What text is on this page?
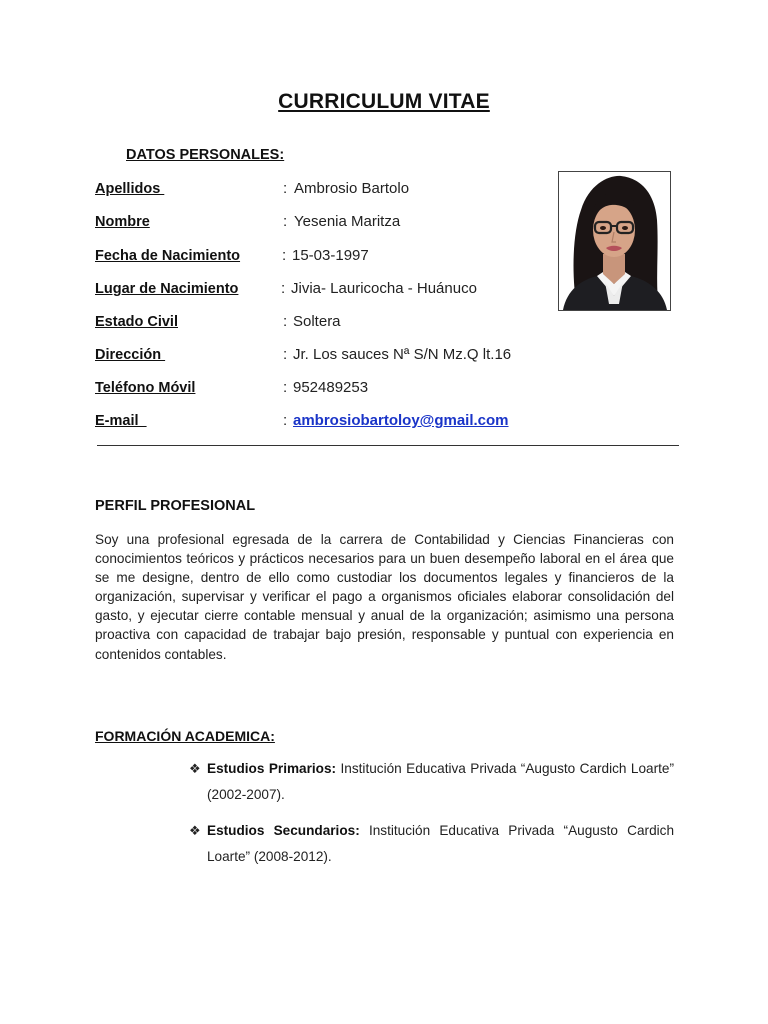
CURRICULUM VITAE
DATOS PERSONALES:
Apellidos	: Ambrosio Bartolo
Nombre	: Yesenia Maritza
Fecha de Nacimiento	: 15-03-1997
Lugar de Nacimiento	: Jivia- Lauricocha - Huánuco
Estado Civil	: Soltera
Dirección	: Jr. Los sauces Nª S/N Mz.Q lt.16
Teléfono Móvil	: 952489253
E-mail	: ambrosiobartoloy@gmail.com
PERFIL PROFESIONAL
Soy una profesional egresada de la carrera de Contabilidad y Ciencias Financieras con conocimientos teóricos y prácticos necesarios para un buen desempeño laboral en el área que se me designe, dentro de ello como custodiar los documentos legales y financieros de la organización, supervisar y verificar el pago a organismos oficiales elaborar consolidación del gasto, y ejecutar cierre contable mensual y anual de la organización; asimismo una persona proactiva con capacidad de trabajar bajo presión, responsable y puntual con experiencia en contenidos contables.
FORMACIÓN ACADEMICA:
❖ Estudios Primarios: Institución Educativa Privada “Augusto Cardich Loarte” (2002-2007).
❖ Estudios Secundarios: Institución Educativa Privada “Augusto Cardich Loarte” (2008-2012).
